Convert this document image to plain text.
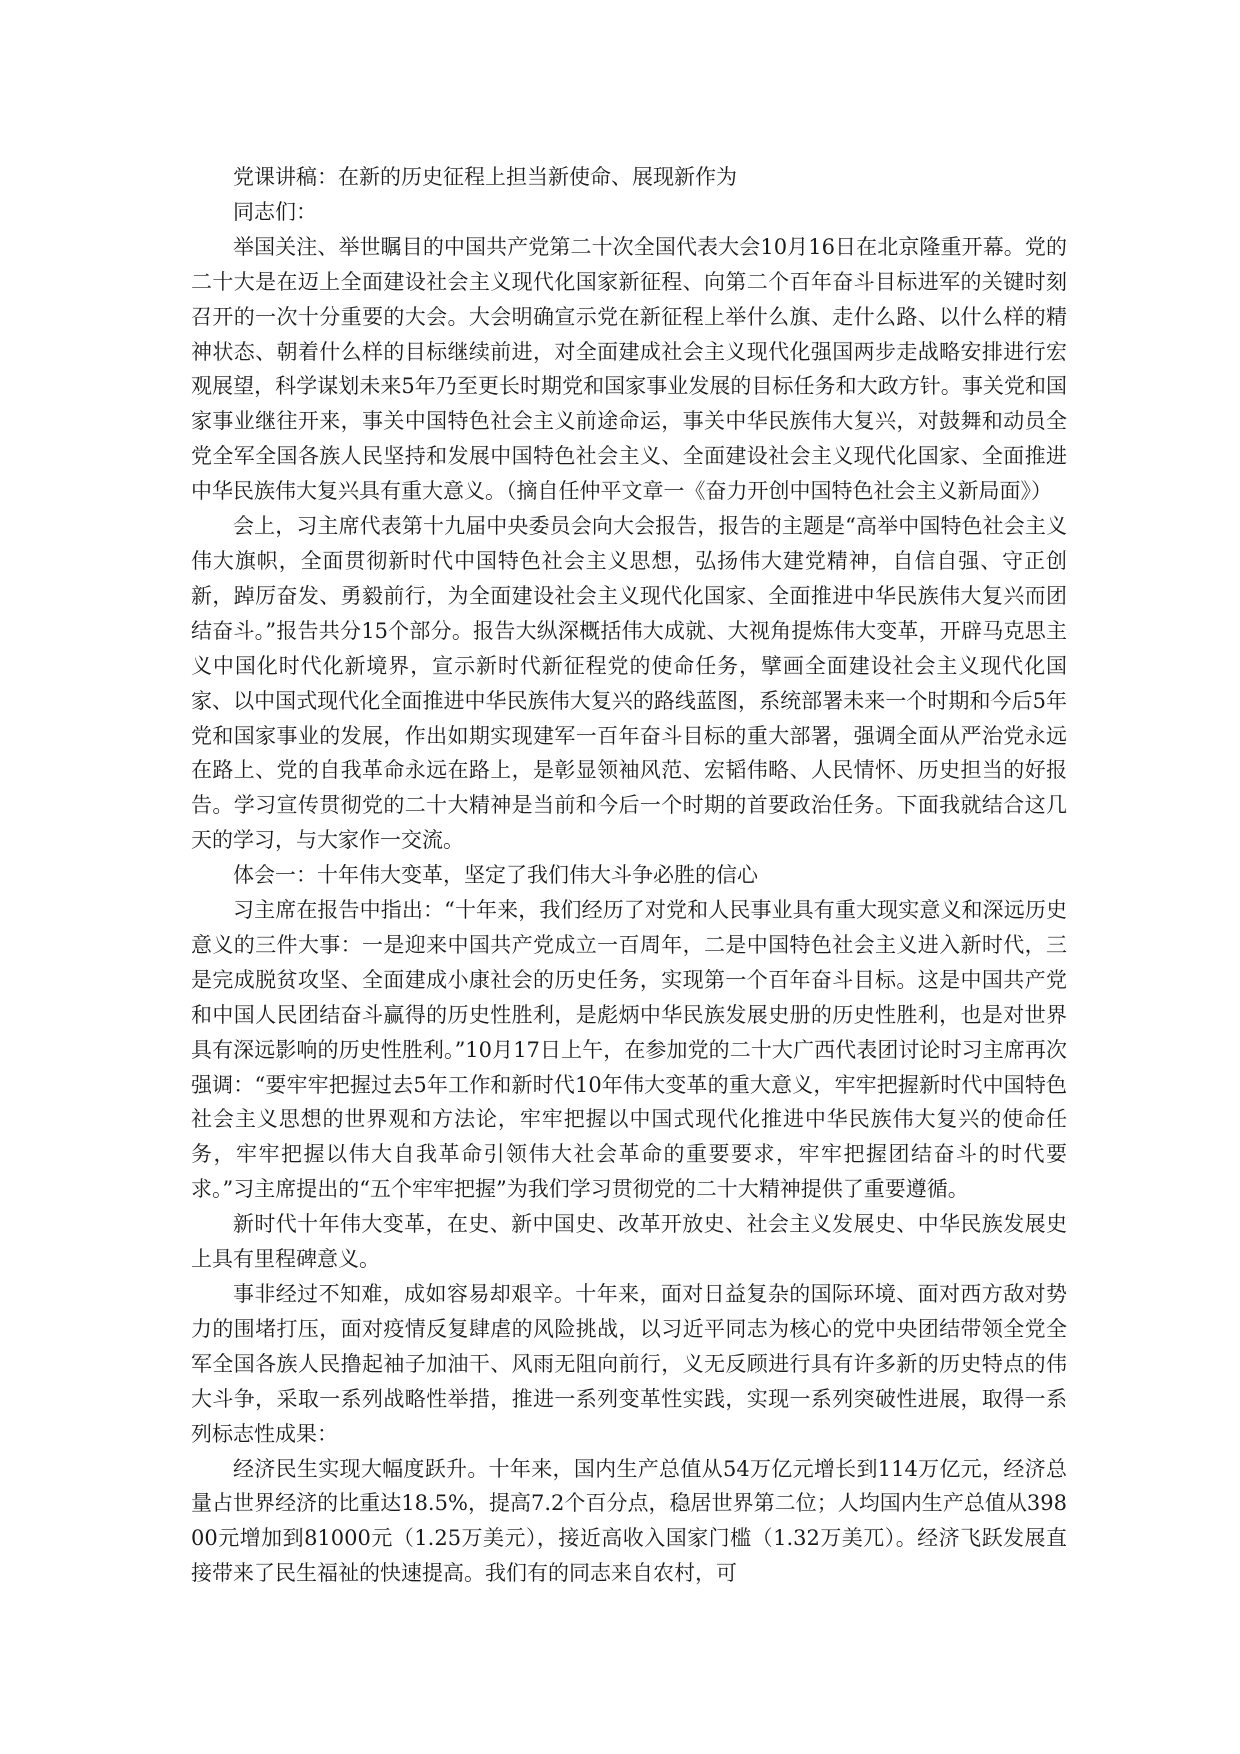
党课讲稿：在新的历史征程上担当新使命、展现新作为

同志们：

举国关注、举世瞩目的中国共产党第二十次全国代表大会10月16日在北京隆重开幕。党的二十大是在迈上全面建设社会主义现代化国家新征程、向第二个百年奋斗目标进军的关键时刻召开的一次十分重要的大会。大会明确宣示党在新征程上举什么旗、走什么路、以什么样的精神状态、朝着什么样的目标继续前进，对全面建成社会主义现代化强国两步走战略安排进行宏观展望，科学谋划未来5年乃至更长时期党和国家事业发展的目标任务和大政方针。事关党和国家事业继往开来，事关中国特色社会主义前途命运，事关中华民族伟大复兴，对鼓舞和动员全党全军全国各族人民坚持和发展中国特色社会主义、全面建设社会主义现代化国家、全面推进中华民族伟大复兴具有重大意义。（摘自任仲平文章一《奋力开创中国特色社会主义新局面》）

会上，习主席代表第十九届中央委员会向大会报告，报告的主题是“高举中国特色社会主义伟大旗帜，全面贯彻新时代中国特色社会主义思想，弘扬伟大建党精神，自信自强、守正创新，踔厉奋发、勇毅前行，为全面建设社会主义现代化国家、全面推进中华民族伟大复兴而团结奋斗。”报告共分15个部分。报告大纵深概括伟大成就、大视角提炼伟大变革，开辟马克思主义中国化时代化新境界，宣示新时代新征程党的使命任务，擘画全面建设社会主义现代化国家、以中国式现代化全面推进中华民族伟大复兴的路线蓝图，系统部署未来一个时期和今后5年党和国家事业的发展，作出如期实现建军一百年奋斗目标的重大部署，强调全面从严治党永远在路上、党的自我革命永远在路上，是彰显领袖风范、宏韬伟略、人民情怀、历史担当的好报告。学习宣传贯彻党的二十大精神是当前和今后一个时期的首要政治任务。下面我就结合这几天的学习，与大家作一交流。

体会一：十年伟大变革，坚定了我们伟大斗争必胜的信心

习主席在报告中指出：“十年来，我们经历了对党和人民事业具有重大现实意义和深远历史意义的三件大事：一是迎来中国共产党成立一百周年，二是中国特色社会主义进入新时代，三是完成脱贫攻坚、全面建成小康社会的历史任务，实现第一个百年奋斗目标。这是中国共产党和中国人民团结奋斗赢得的历史性胜利，是彪炳中华民族发展史册的历史性胜利，也是对世界具有深远影响的历史性胜利。”10月17日上午，在参加党的二十大广西代表团讨论时习主席再次强调：“要牢牢把握过去5年工作和新时代10年伟大变革的重大意义，牢牢把握新时代中国特色社会主义思想的世界观和方法论，牢牢把握以中国式现代化推进中华民族伟大复兴的使命任务，牢牢把握以伟大自我革命引领伟大社会革命的重要要求，牢牢把握团结奋斗的时代要求。”习主席提出的“五个牢牢把握”为我们学习贯彻党的二十大精神提供了重要遵循。

新时代十年伟大变革，在史、新中国史、改革开放史、社会主义发展史、中华民族发展史上具有里程碑意义。

事非经过不知难，成如容易却艰辛。十年来，面对日益复杂的国际环境、面对西方敌对势力的围堵打压，面对疫情反复肆虐的风险挑战，以习近平同志为核心的党中央团结带领全党全军全国各族人民撸起袖子加油干、风雨无阻向前行，义无反顾进行具有许多新的历史特点的伟大斗争，采取一系列战略性举措，推进一系列变革性实践，实现一系列突破性进展，取得一系列标志性成果：

经济民生实现大幅度跃升。十年来，国内生产总值从54万亿元增长到114万亿元，经济总量占世界经济的比重达18.5%，提高7.2个百分点，稳居世界第二位；人均国内生产总值从39800元增加到81000元（1.25万美元），接近高收入国家门槛（1.32万美兀）。经济飞跃发展直接带来了民生福祉的快速提高。我们有的同志来自农村，可
